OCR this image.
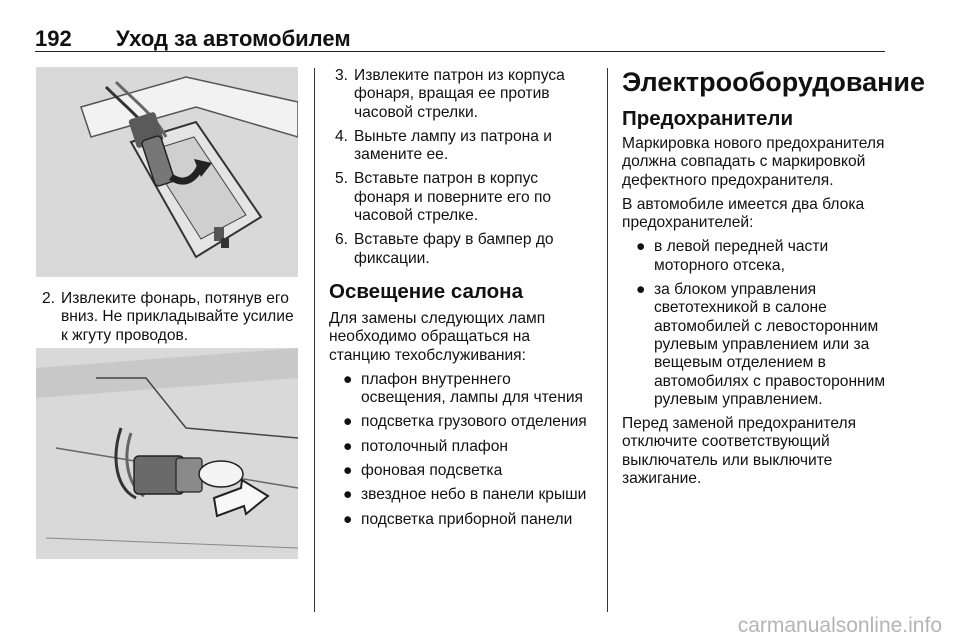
192 Уход за автомобилем
2. Извлеките фонарь, потянув его вниз. Не прикладывайте усилие к жгуту проводов.
3. Извлеките патрон из корпуса фонаря, вращая ее против часовой стрелки.
4. Выньте лампу из патрона и замените ее.
5. Вставьте патрон в корпус фонаря и поверните его по часовой стрелке.
6. Вставьте фару в бампер до фиксации.
Освещение салона

Для замены следующих ламп необходимо обращаться на станцию техобслуживания:

● плафон внутреннего освещения, лампы для чтения
● подсветка грузового отделения
● потолочный плафон
● фоновая подсветка
● звездное небо в панели крыши
● подсветка приборной панели
Электрооборудование
Предохранители

Маркировка нового предохранителя должна совпадать с маркировкой дефектного предохранителя.

В автомобиле имеется два блока предохранителей:

● в левой передней части моторного отсека,
● за блоком управления светотехникой в салоне автомобилей с левосторонним рулевым управлением или за вещевым отделением в автомобилях с правосторонним рулевым управлением.

Перед заменой предохранителя отключите соответствующий выключатель или выключите зажигание.

carmanualsonline.info
